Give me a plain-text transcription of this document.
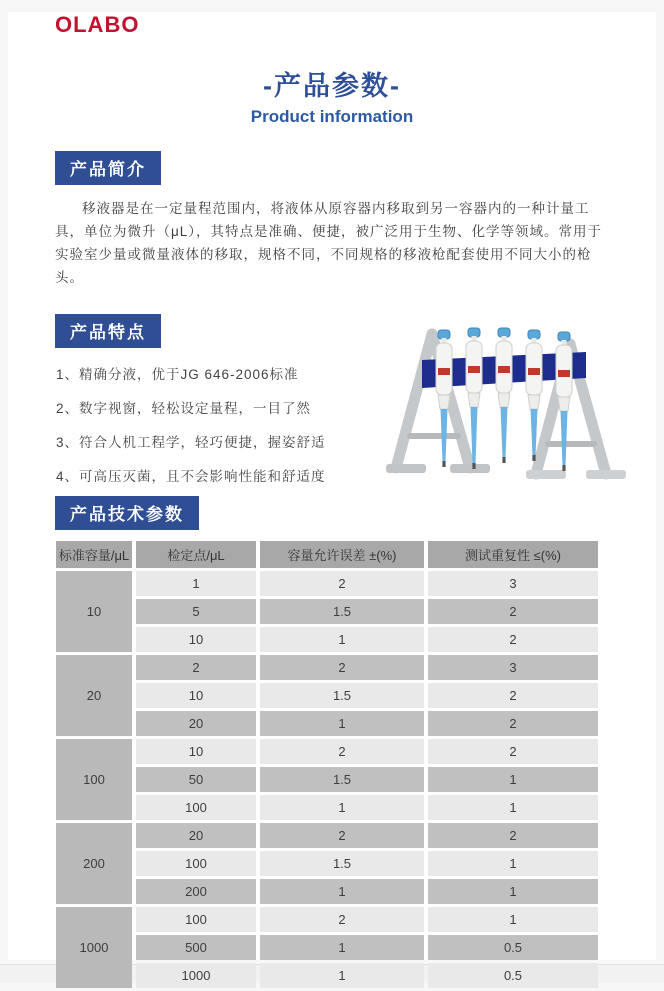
OLABO
-产品参数-
Product information
产品简介

移液器是在一定量程范围内，将液体从原容器内移取到另一容器内的一种计量工具，单位为微升（μL），其特点是准确、便捷，被广泛用于生物、化学等领域。常用于实验室少量或微量液体的移取，规格不同，不同规格的移液枪配套使用不同大小的枪头。

产品特点
1、精确分液，优于JG 646-2006标准
2、数字视窗，轻松设定量程，一目了然
3、符合人机工程学，轻巧便捷，握姿舒适
4、可高压灭菌，且不会影响性能和舒适度
产品技术参数
标准容量/μL	检定点/μL	容量允许误差 ±(%)	测试重复性 ≤(%)
10	1	2	3
	5	1.5	2
	10	1	2
20	2	2	3
	10	1.5	2
	20	1	2
100	10	2	2
	50	1.5	1
	100	1	1
200	20	2	2
	100	1.5	1
	200	1	1
1000	100	2	1
	500	1	0.5
	1000	1	0.5
